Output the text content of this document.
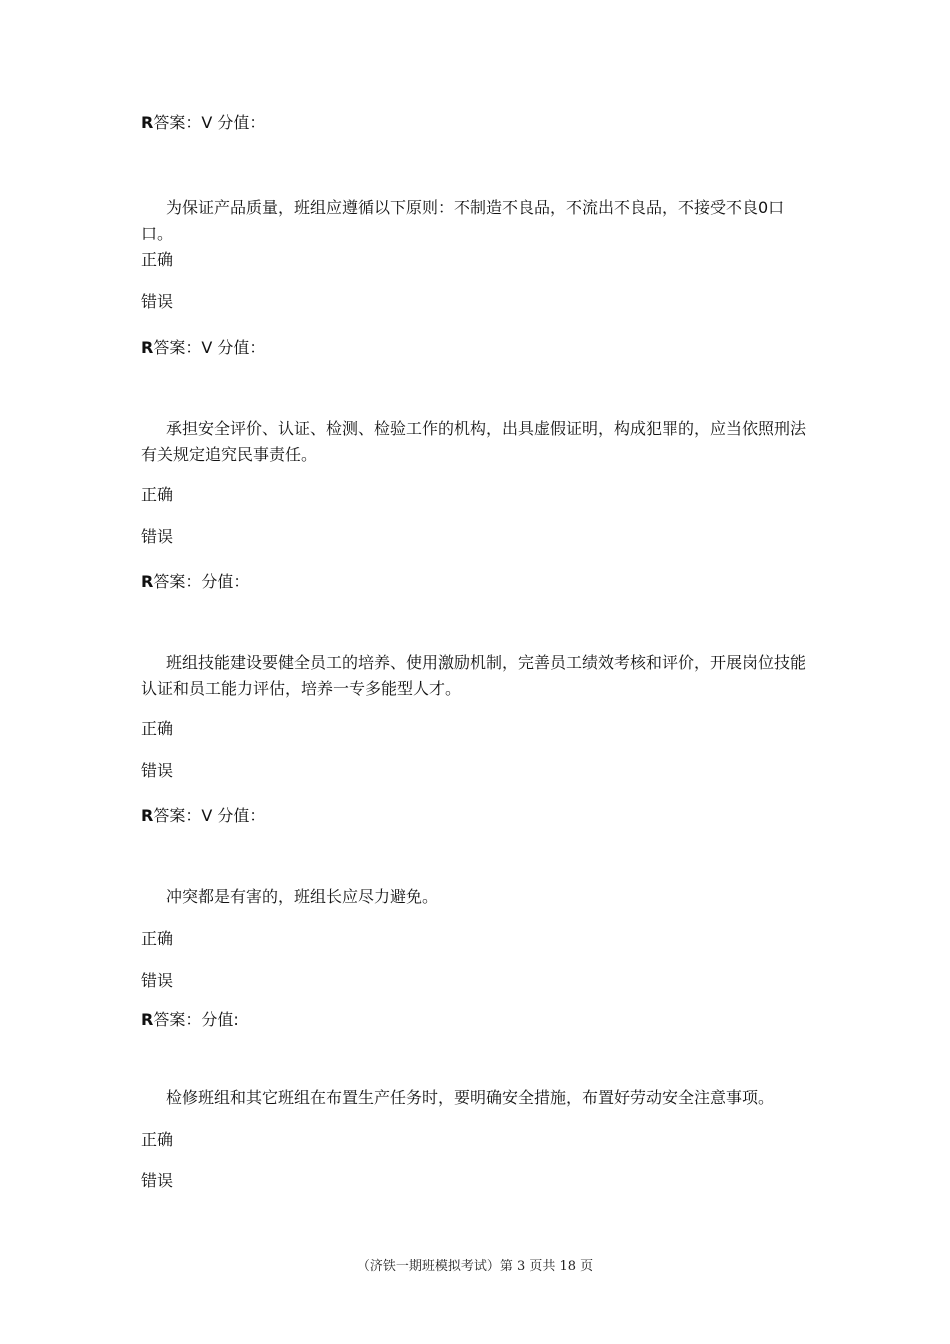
R答案：V 分值：
为保证产品质量，班组应遵循以下原则：不制造不良品，不流出不良品，不接受不良0口口。
正确
错误
R答案：V 分值：
承担安全评价、认证、检测、检验工作的机构，出具虚假证明，构成犯罪的，应当依照刑法有关规定追究民事责任。
正确
错误
R答案：分值：
班组技能建设要健全员工的培养、使用激励机制，完善员工绩效考核和评价，开展岗位技能认证和员工能力评估，培养一专多能型人才。
正确
错误
R答案：V 分值：
冲突都是有害的，班组长应尽力避免。
正确
错误
R答案：分值:
检修班组和其它班组在布置生产任务时，要明确安全措施，布置好劳动安全注意事项。
正确
错误
（济铁一期班模拟考试）第 3 页共 18 页
